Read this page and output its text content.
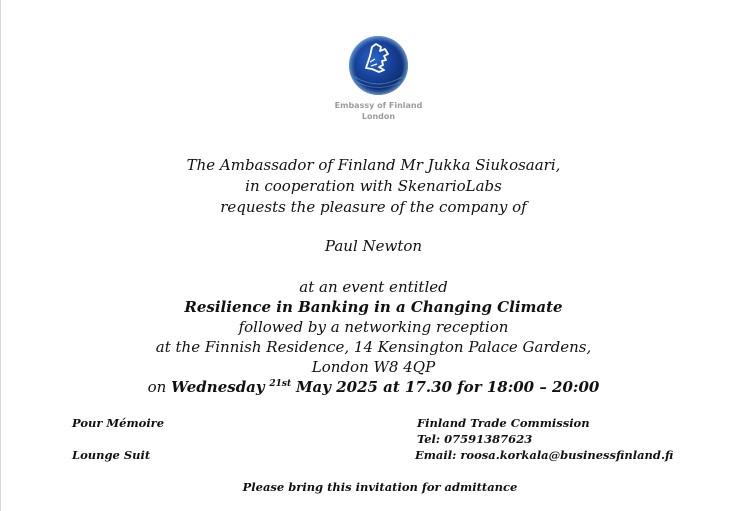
Embassy of Finland
London
The Ambassador of Finland Mr Jukka Siukosaari,
in cooperation with SkenarioLabs
requests the pleasure of the company of
Paul Newton
at an event entitled
Resilience in Banking in a Changing Climate
followed by a networking reception
at the Finnish Residence, 14 Kensington Palace Gardens,
London W8 4QP
on Wednesday $^{21st}$ May 2025 at 17.30 for 18:00 – 20:00
Pour Mémoire
Lounge Suit
Finland Trade Commission
Tel: 07591387623
Email: roosa.korkala@businessfinland.fi
Please bring this invitation for admittance
